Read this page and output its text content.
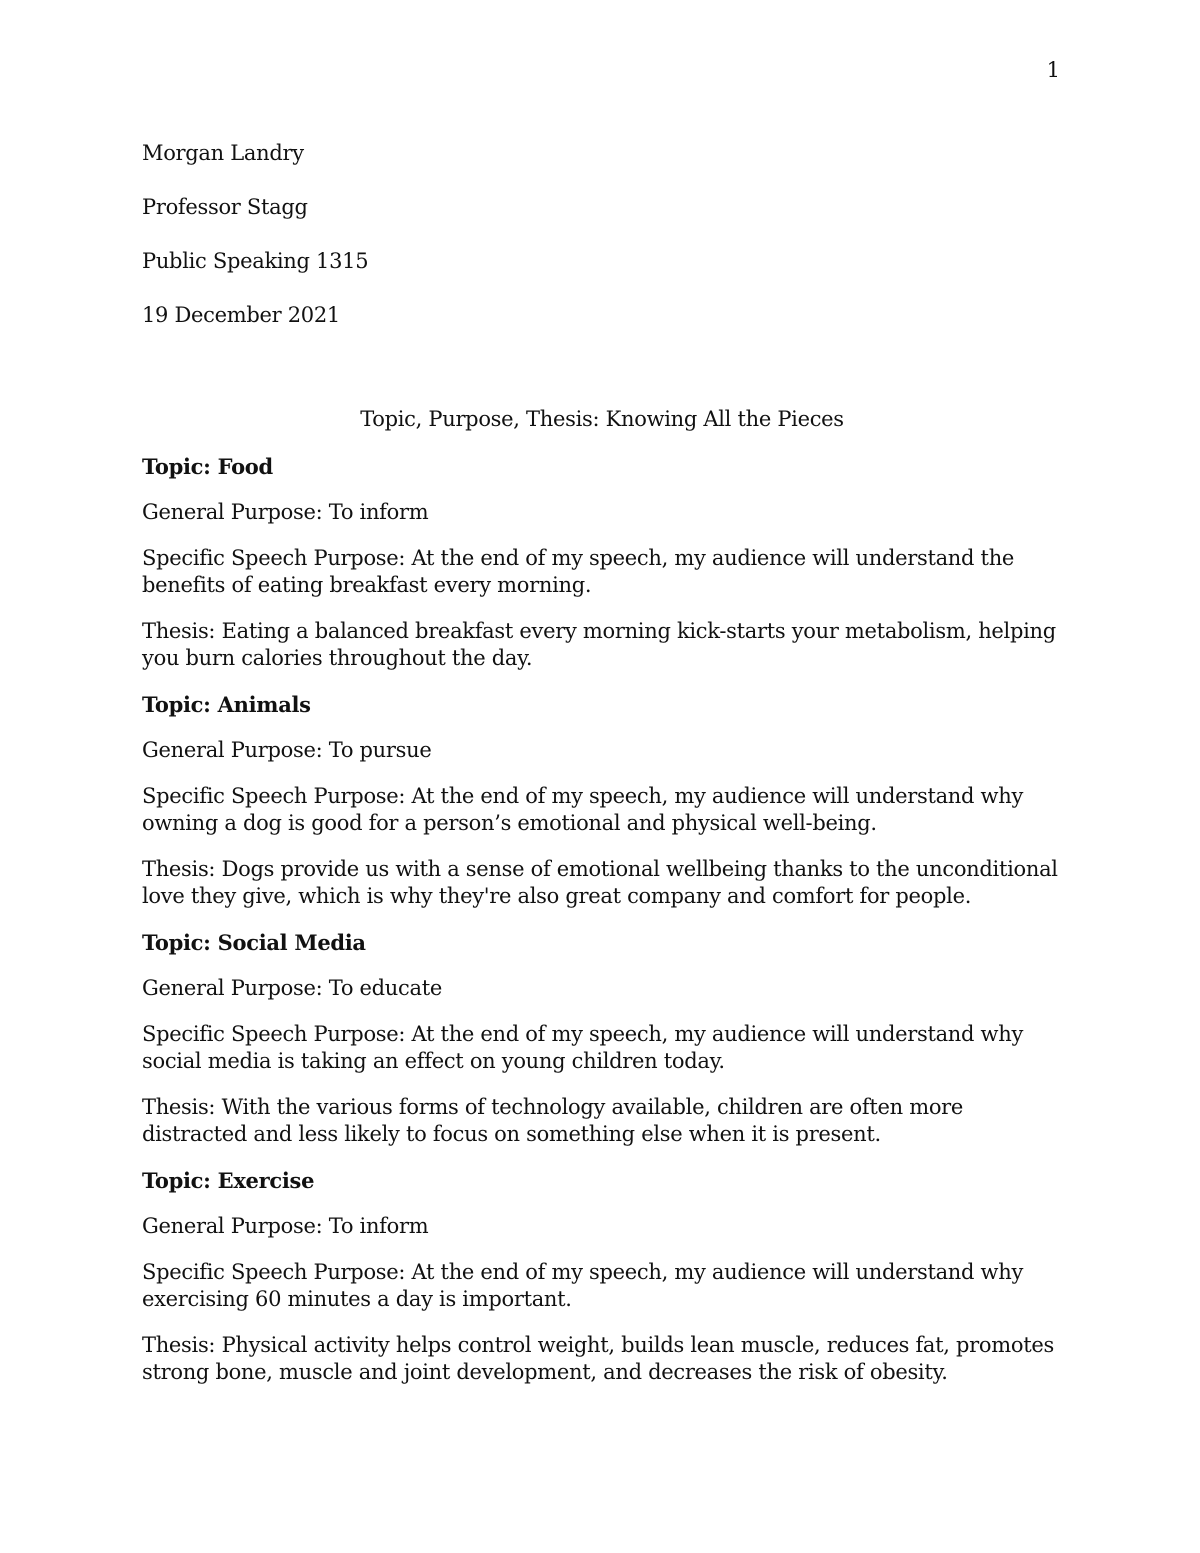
1
Morgan Landry
Professor Stagg
Public Speaking 1315
19 December 2021
Topic, Purpose, Thesis: Knowing All the Pieces
Topic: Food
General Purpose: To inform
Specific Speech Purpose: At the end of my speech, my audience will understand the benefits of eating breakfast every morning.
Thesis: Eating a balanced breakfast every morning kick-starts your metabolism, helping you burn calories throughout the day.
Topic: Animals
General Purpose: To pursue
Specific Speech Purpose: At the end of my speech, my audience will understand why owning a dog is good for a person’s emotional and physical well-being.
Thesis: Dogs provide us with a sense of emotional wellbeing thanks to the unconditional love they give, which is why they're also great company and comfort for people.
Topic: Social Media
General Purpose: To educate
Specific Speech Purpose: At the end of my speech, my audience will understand why social media is taking an effect on young children today.
Thesis: With the various forms of technology available, children are often more distracted and less likely to focus on something else when it is present.
Topic: Exercise
General Purpose: To inform
Specific Speech Purpose: At the end of my speech, my audience will understand why exercising 60 minutes a day is important.
Thesis: Physical activity helps control weight, builds lean muscle, reduces fat, promotes strong bone, muscle and joint development, and decreases the risk of obesity.
